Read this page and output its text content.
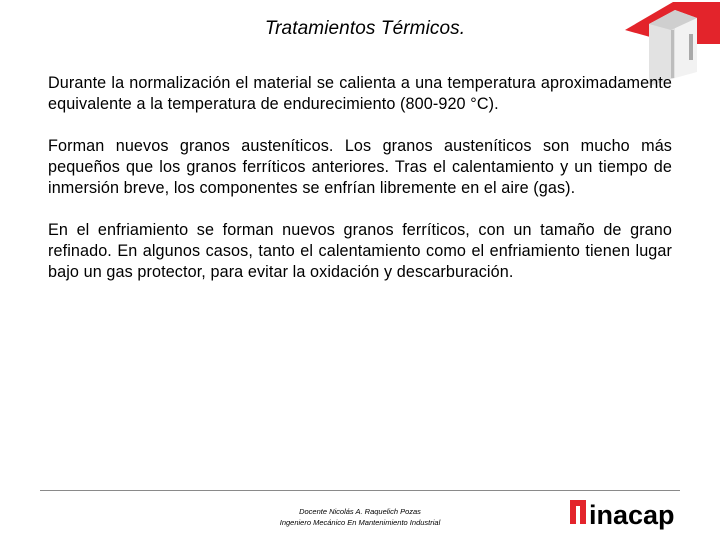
Tratamientos Térmicos.

Durante la normalización el material se calienta a una temperatura aproximadamente equivalente a la temperatura de endurecimiento (800-920 °C).

Forman nuevos granos austeníticos. Los granos austeníticos son mucho más pequeños que los granos ferríticos anteriores. Tras el calentamiento y un tiempo de inmersión breve, los componentes se enfrían libremente en el aire (gas).

En el enfriamiento se forman nuevos granos ferríticos, con un tamaño de grano refinado. En algunos casos, tanto el calentamiento como el enfriamiento tienen lugar bajo un gas protector, para evitar la oxidación y descarburación.

Docente Nicolás A. Raquelich Pozas
Ingeniero Mecánico En Mantenimiento Industrial	inacap
